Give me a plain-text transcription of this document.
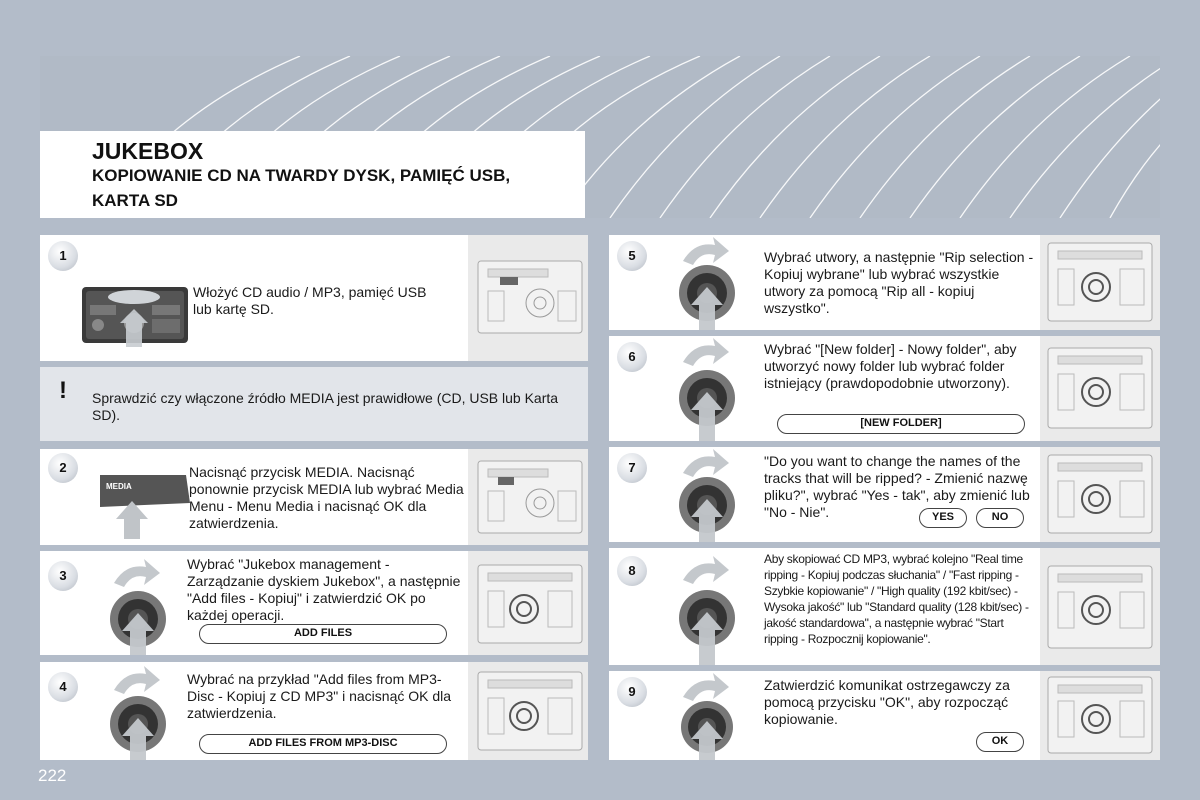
JUKEBOX
KOPIOWANIE CD NA TWARDY DYSK, PAMIĘĆ USB, KARTA SD
1
Włożyć CD audio / MP3, pamięć USB lub kartę SD.
!	Sprawdzić czy włączone źródło MEDIA jest prawidłowe (CD, USB lub Karta SD).
2
MEDIA
Nacisnąć przycisk MEDIA. Nacisnąć ponownie przycisk MEDIA lub wybrać Media Menu - Menu Media i nacisnąć OK dla zatwierdzenia.
3
Wybrać "Jukebox management - Zarządzanie dyskiem Jukebox", a następnie "Add files - Kopiuj" i zatwierdzić OK po każdej operacji.
ADD FILES
4	Wybrać na przykład "Add files from MP3-Disc - Kopiuj z CD MP3" i nacisnąć OK dla zatwierdzenia.
ADD FILES FROM MP3-DISC
5	Wybrać utwory, a następnie "Rip selection - Kopiuj wybrane" lub wybrać wszystkie utwory za pomocą "Rip all - kopiuj wszystko".
6	Wybrać "[New folder] - Nowy folder", aby utworzyć nowy folder lub wybrać folder istniejący (prawdopodobnie utworzony).
[NEW FOLDER]
7	"Do you want to change the names of the tracks that will be ripped? - Zmienić nazwę pliku?", wybrać "Yes - tak", aby zmienić lub "No - Nie".	YES	NO
8
Aby skopiować CD MP3, wybrać kolejno "Real time ripping - Kopiuj podczas słuchania" / "Fast ripping - Szybkie kopiowanie" / "High quality (192 kbit/sec) - Wysoka jakość" lub "Standard quality (128 kbit/sec) - jakość standardowa", a następnie wybrać "Start ripping - Rozpocznij kopiowanie".
9	Zatwierdzić komunikat ostrzegawczy za pomocą przycisku "OK", aby rozpocząć kopiowanie.
OK
222
